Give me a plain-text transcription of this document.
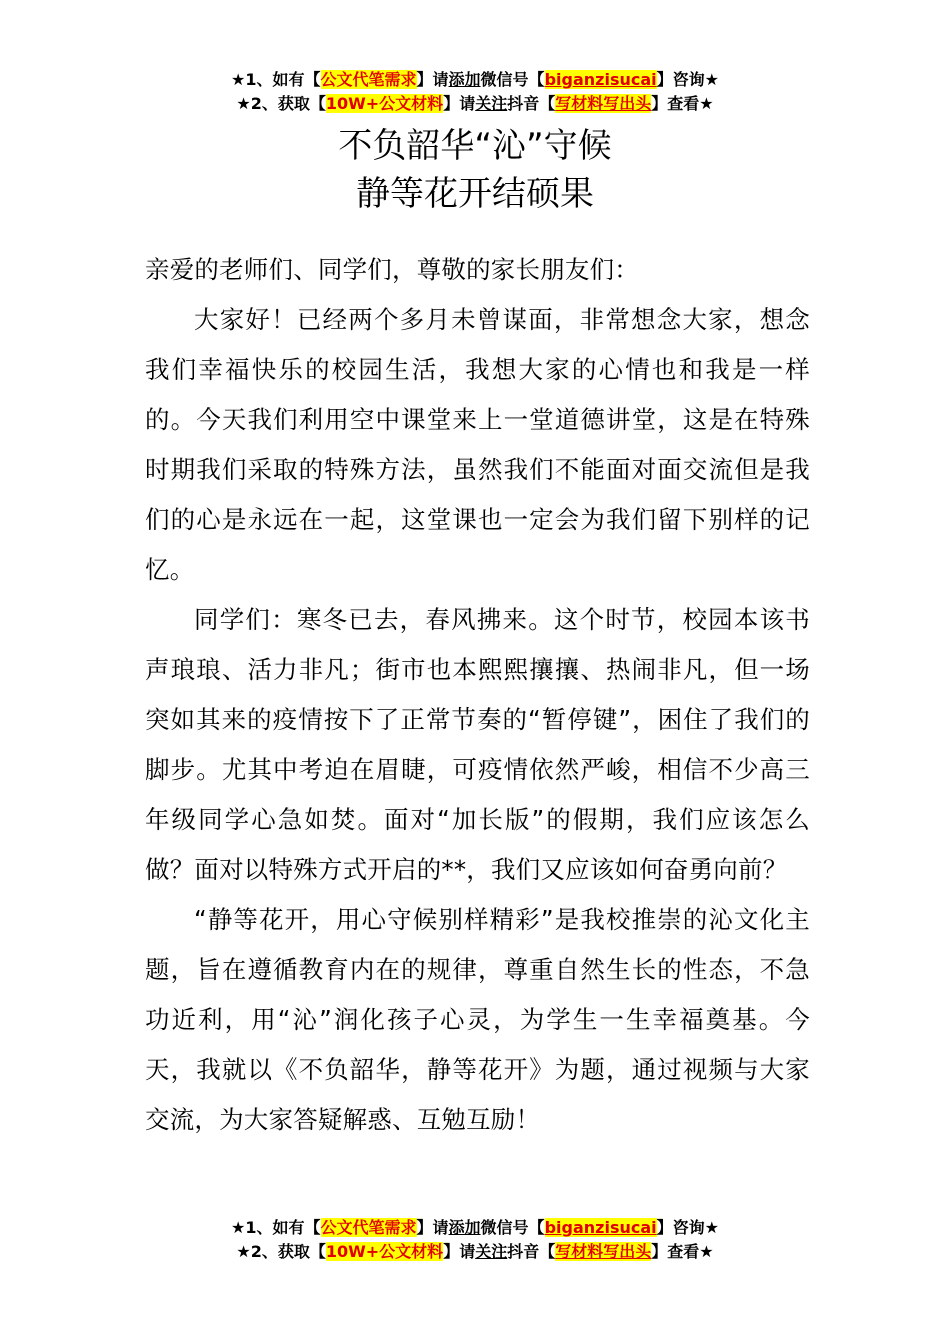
★1、如有【公文代笔需求】请添加微信号【biganzisucai】咨询★
★2、获取【10W+公文材料】请关注抖音【写材料写出头】查看★
不负韶华“沁”守候
静等花开结硕果

亲爱的老师们、同学们，尊敬的家长朋友们：

大家好！已经两个多月未曾谋面，非常想念大家，想念我们幸福快乐的校园生活，我想大家的心情也和我是一样的。今天我们利用空中课堂来上一堂道德讲堂，这是在特殊时期我们采取的特殊方法，虽然我们不能面对面交流但是我们的心是永远在一起，这堂课也一定会为我们留下别样的记忆。

同学们：寒冬已去，春风拂来。这个时节，校园本该书声琅琅、活力非凡；街市也本熙熙攘攘、热闹非凡，但一场突如其来的疫情按下了正常节奏的“暂停键”，困住了我们的脚步。尤其中考迫在眉睫，可疫情依然严峻，相信不少高三年级同学心急如焚。面对“加长版”的假期，我们应该怎么做？面对以特殊方式开启的**，我们又应该如何奋勇向前？

“静等花开，用心守候别样精彩”是我校推崇的沁文化主题，旨在遵循教育内在的规律，尊重自然生长的性态，不急功近利，用“沁”润化孩子心灵，为学生一生幸福奠基。今天，我就以《不负韶华，静等花开》为题，通过视频与大家交流，为大家答疑解惑、互勉互励！

★1、如有【公文代笔需求】请添加微信号【biganzisucai】咨询★
★2、获取【10W+公文材料】请关注抖音【写材料写出头】查看★
